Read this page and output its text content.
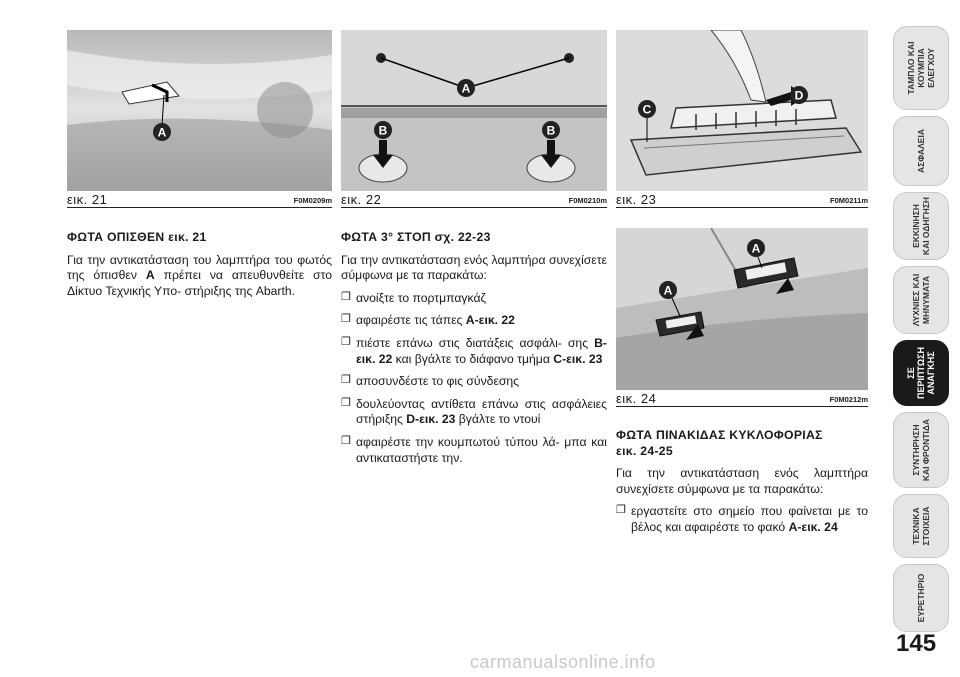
A
εικ. 21	F0M0209m
A
B	B
εικ. 22	F0M0210m
C
D
εικ. 23	F0M0211m
A
A
εικ. 24	F0M0212m

ΦΩΤΑ ΟΠΙΣΘΕΝ εικ. 21

Για την αντικατάσταση του λαμπτήρα του φωτός της όπισθεν A πρέπει να απευθυνθείτε στο Δίκτυο Τεχνικής Υπο- στήριξης της Abarth.

ΦΩΤΑ 3° ΣΤΟΠ σχ. 22-23

Για την αντικατάσταση ενός λαμπτήρα συνεχίσετε σύμφωνα με τα παρακάτω:

❐ ανοίξτε το πορτμπαγκάζ
❐ αφαιρέστε τις τάπες A-εικ. 22
❐ πιέστε επάνω στις διατάξεις ασφάλι- σης B-εικ. 22 και βγάλτε το διάφανο τμήμα C-εικ. 23
❐ αποσυνδέστε το φις σύνδεσης
❐ δουλεύοντας αντίθετα επάνω στις ασφάλειες στήριξης D-εικ. 23 βγάλτε το ντουί
❐ αφαιρέστε την κουμπωτού τύπου λά- μπα και αντικαταστήστε την.

ΦΩΤΑ ΠΙΝΑΚΙΔΑΣ ΚΥΚΛΟΦΟΡΙΑΣ

εικ. 24-25

Για την αντικατάσταση ενός λαμπτήρα συνεχίσετε σύμφωνα με τα παρακάτω:

❐ εργαστείτε στο σημείο που φαίνεται με το βέλος και αφαιρέστε το φακό A-εικ. 24
ΤΑΜΠΛΟ ΚΑΙ
ΚΟΥΜΠΙΑ
ΕΛΕΓΧΟΥ
ΑΣΦΑΛΕΙΑ
ΕΚΚΙΝΗΣΗ
ΚΑΙ ΟΔΗΓΗΣΗ
ΛΥΧΝΙΕΣ ΚΑΙ
ΜΗΝΥΜΑΤΑ
ΣΕ
ΠΕΡΙΠΤΩΣΗ
ΑΝΑΓΚΗΣ
ΣΥΝΤΗΡΗΣΗ
ΚΑΙ ΦΡΟΝΤΙΔΑ
ΤΕΧΝΙΚΑ
ΣΤΟΙΧΕΙΑ
ΕΥΡΕΤΗΡΙΟ
145
carmanualsonline.info
